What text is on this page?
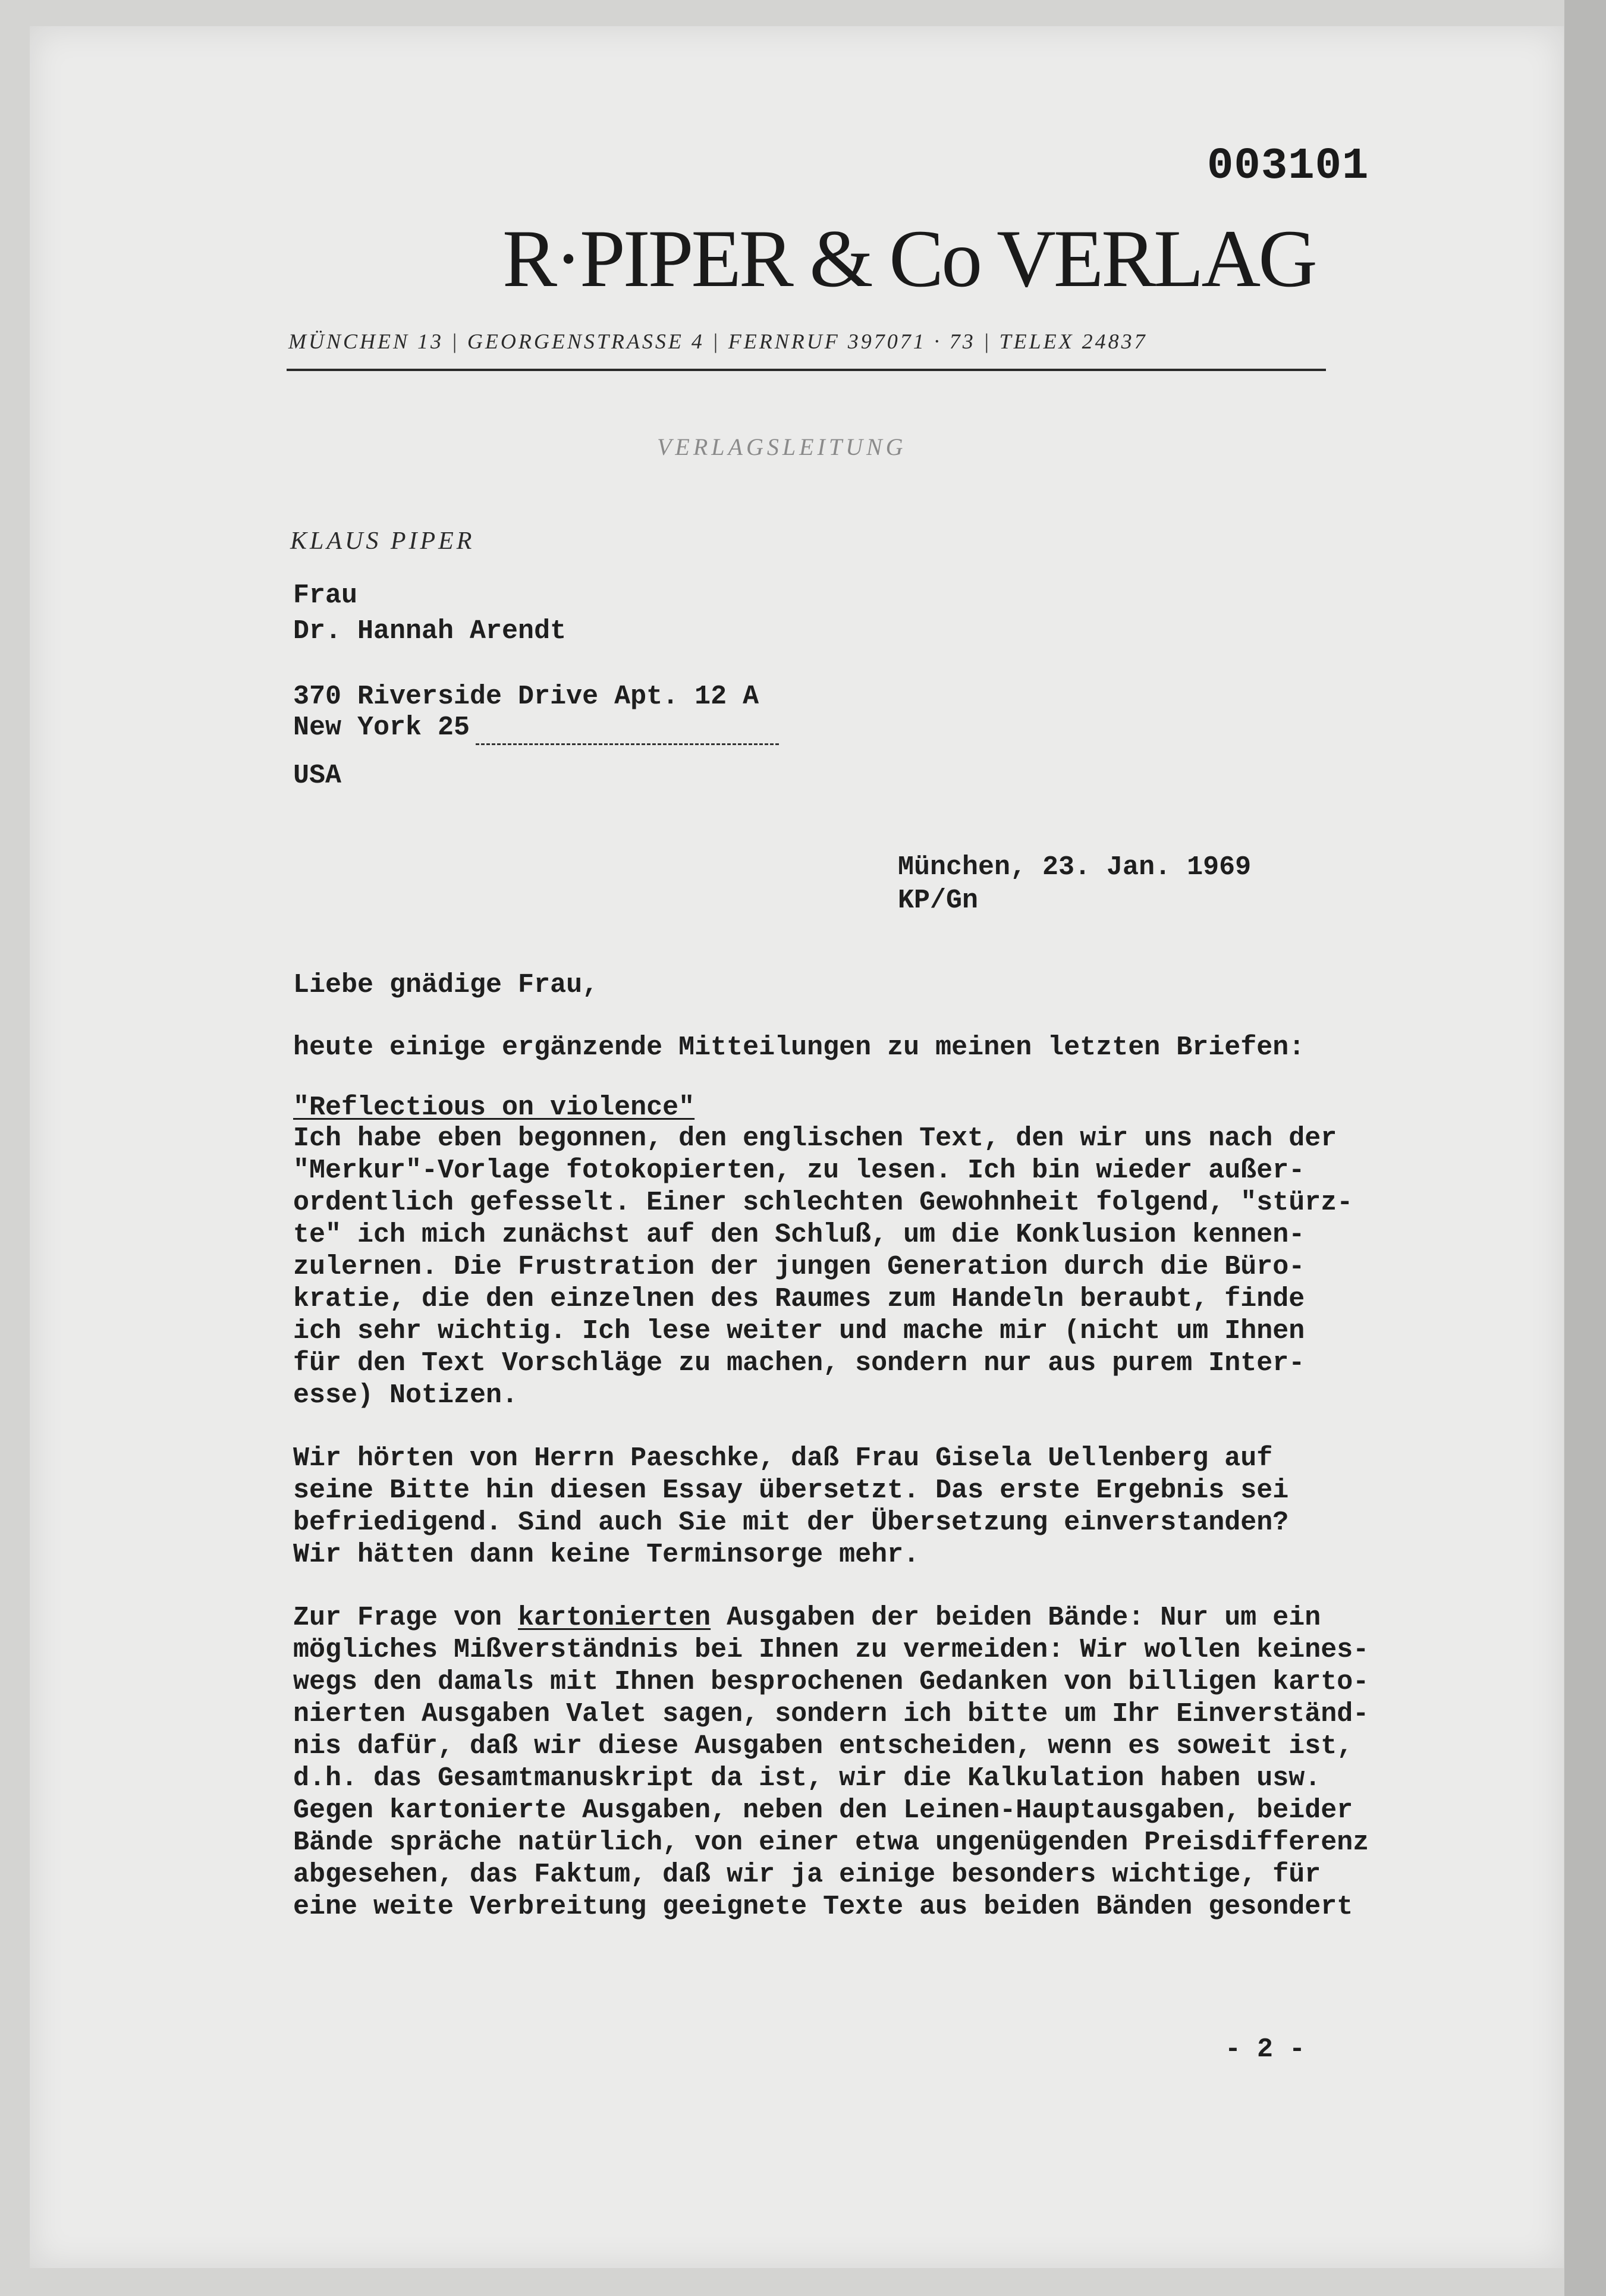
003101
R·PIPER & Co VERLAG
MÜNCHEN 13 | GEORGENSTRASSE 4 | FERNRUF 397071 · 73 | TELEX 24837
VERLAGSLEITUNG
KLAUS PIPER
Frau
Dr. Hannah Arendt
370 Riverside Drive Apt. 12 A
New York 25
USA
München, 23. Jan. 1969
KP/Gn
Liebe gnädige Frau,
heute einige ergänzende Mitteilungen zu meinen letzten Briefen:
"Reflectious on violence"
Ich habe eben begonnen, den englischen Text, den wir uns nach der
"Merkur"-Vorlage fotokopierten, zu lesen. Ich bin wieder außer-
ordentlich gefesselt. Einer schlechten Gewohnheit folgend, "stürz-
te" ich mich zunächst auf den Schluß, um die Konklusion kennen-
zulernen. Die Frustration der jungen Generation durch die Büro-
kratie, die den einzelnen des Raumes zum Handeln beraubt, finde
ich sehr wichtig. Ich lese weiter und mache mir (nicht um Ihnen
für den Text Vorschläge zu machen, sondern nur aus purem Inter-
esse) Notizen.
Wir hörten von Herrn Paeschke, daß Frau Gisela Uellenberg auf
seine Bitte hin diesen Essay übersetzt. Das erste Ergebnis sei
befriedigend. Sind auch Sie mit der Übersetzung einverstanden?
Wir hätten dann keine Terminsorge mehr.
Zur Frage von kartonierten Ausgaben der beiden Bände: Nur um ein
mögliches Mißverständnis bei Ihnen zu vermeiden: Wir wollen keines-
wegs den damals mit Ihnen besprochenen Gedanken von billigen karto-
nierten Ausgaben Valet sagen, sondern ich bitte um Ihr Einverständ-
nis dafür, daß wir diese Ausgaben entscheiden, wenn es soweit ist,
d.h. das Gesamtmanuskript da ist, wir die Kalkulation haben usw.
Gegen kartonierte Ausgaben, neben den Leinen-Hauptausgaben, beider
Bände spräche natürlich, von einer etwa ungenügenden Preisdifferenz
abgesehen, das Faktum, daß wir ja einige besonders wichtige, für
eine weite Verbreitung geeignete Texte aus beiden Bänden gesondert
- 2 -
